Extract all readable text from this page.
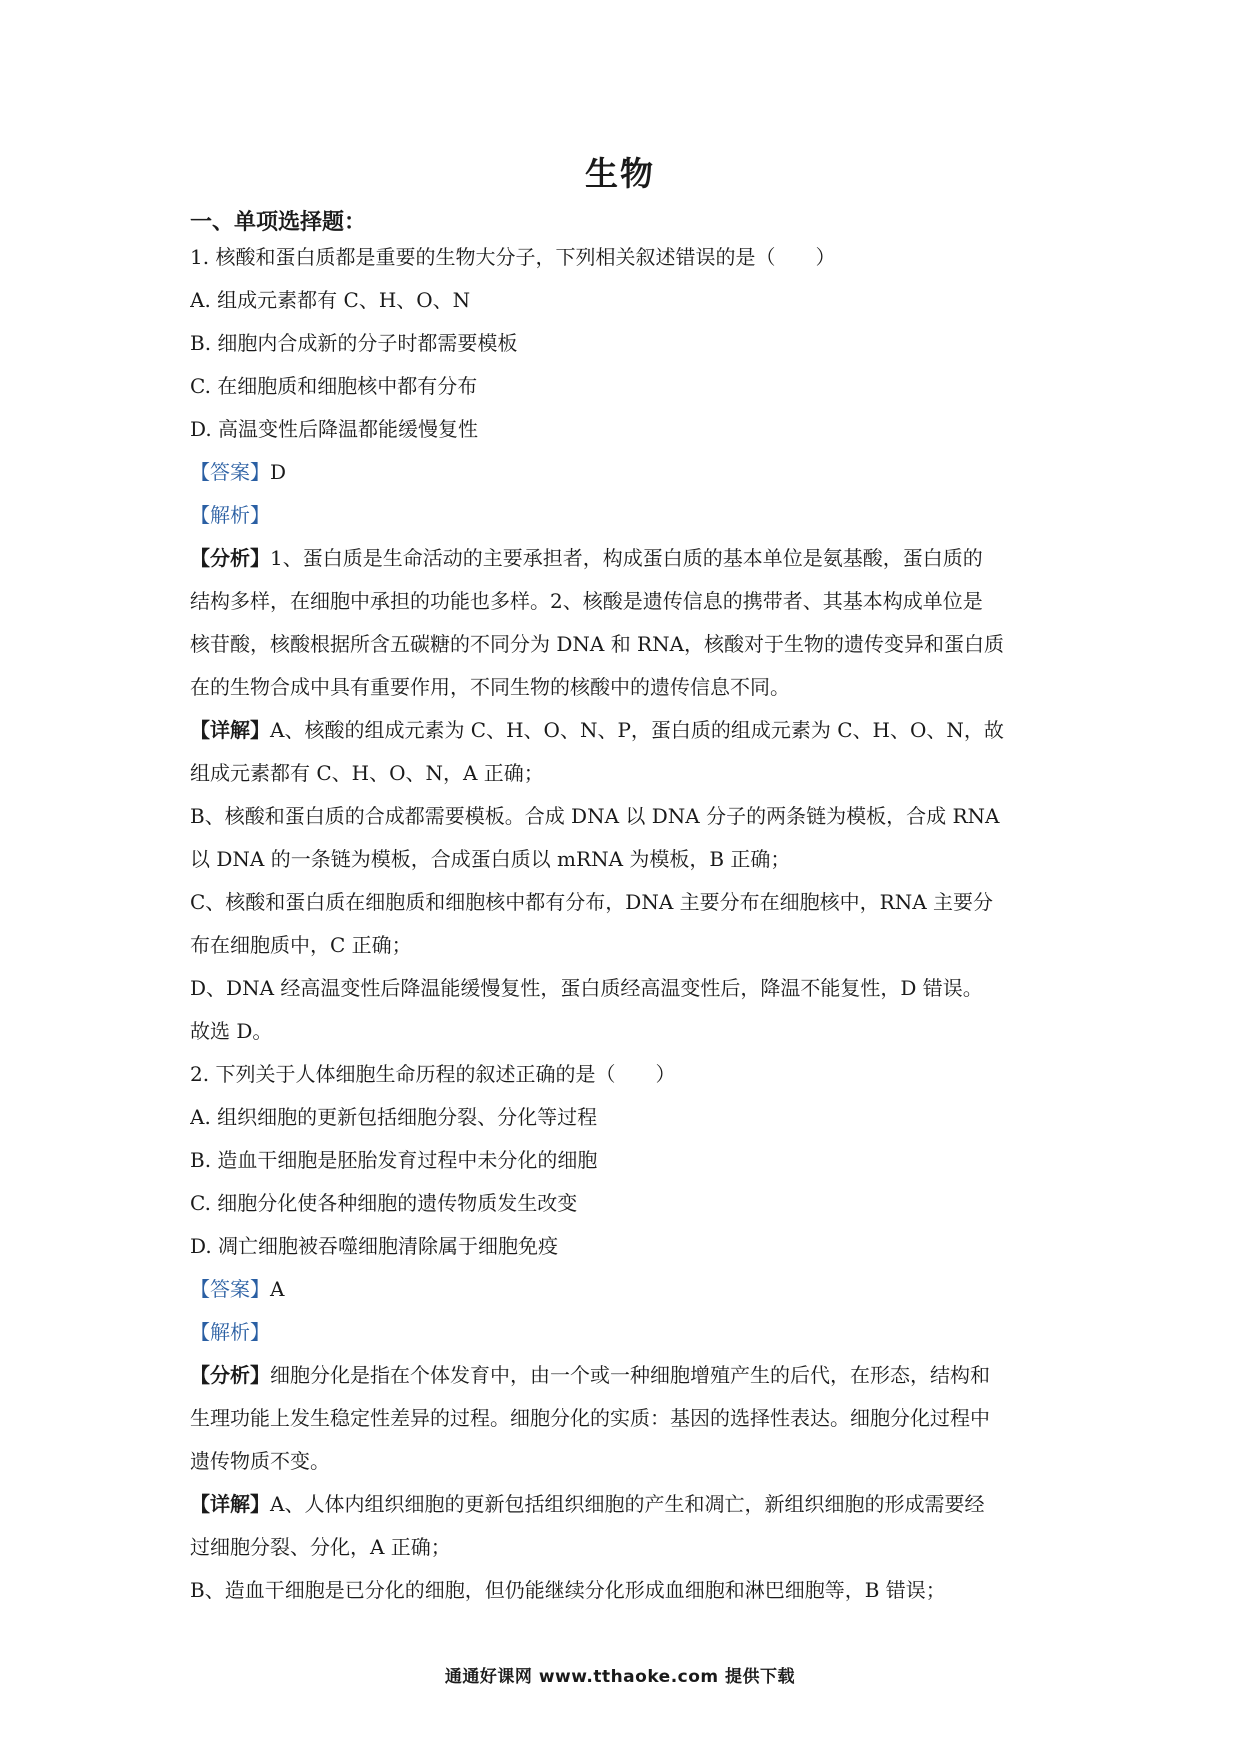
生物
一、单项选择题：
1. 核酸和蛋白质都是重要的生物大分子，下列相关叙述错误的是（　　）
A. 组成元素都有 C、H、O、N
B. 细胞内合成新的分子时都需要模板
C. 在细胞质和细胞核中都有分布
D. 高温变性后降温都能缓慢复性
【答案】D
【解析】
【分析】1、蛋白质是生命活动的主要承担者，构成蛋白质的基本单位是氨基酸，蛋白质的
结构多样，在细胞中承担的功能也多样。2、核酸是遗传信息的携带者、其基本构成单位是
核苷酸，核酸根据所含五碳糖的不同分为 DNA 和 RNA，核酸对于生物的遗传变异和蛋白质
在的生物合成中具有重要作用，不同生物的核酸中的遗传信息不同。
【详解】A、核酸的组成元素为 C、H、O、N、P，蛋白质的组成元素为 C、H、O、N，故
组成元素都有 C、H、O、N，A 正确；
B、核酸和蛋白质的合成都需要模板。合成 DNA 以 DNA 分子的两条链为模板，合成 RNA
以 DNA 的一条链为模板，合成蛋白质以 mRNA 为模板，B 正确；
C、核酸和蛋白质在细胞质和细胞核中都有分布，DNA 主要分布在细胞核中，RNA 主要分
布在细胞质中，C 正确；
D、DNA 经高温变性后降温能缓慢复性，蛋白质经高温变性后，降温不能复性，D 错误。
故选 D。
2. 下列关于人体细胞生命历程的叙述正确的是（　　）
A. 组织细胞的更新包括细胞分裂、分化等过程
B. 造血干细胞是胚胎发育过程中未分化的细胞
C. 细胞分化使各种细胞的遗传物质发生改变
D. 凋亡细胞被吞噬细胞清除属于细胞免疫
【答案】A
【解析】
【分析】细胞分化是指在个体发育中，由一个或一种细胞增殖产生的后代，在形态，结构和
生理功能上发生稳定性差异的过程。细胞分化的实质：基因的选择性表达。细胞分化过程中
遗传物质不变。
【详解】A、人体内组织细胞的更新包括组织细胞的产生和凋亡，新组织细胞的形成需要经
过细胞分裂、分化，A 正确；
B、造血干细胞是已分化的细胞，但仍能继续分化形成血细胞和淋巴细胞等，B 错误；
通通好课网 www.tthaoke.com 提供下载
